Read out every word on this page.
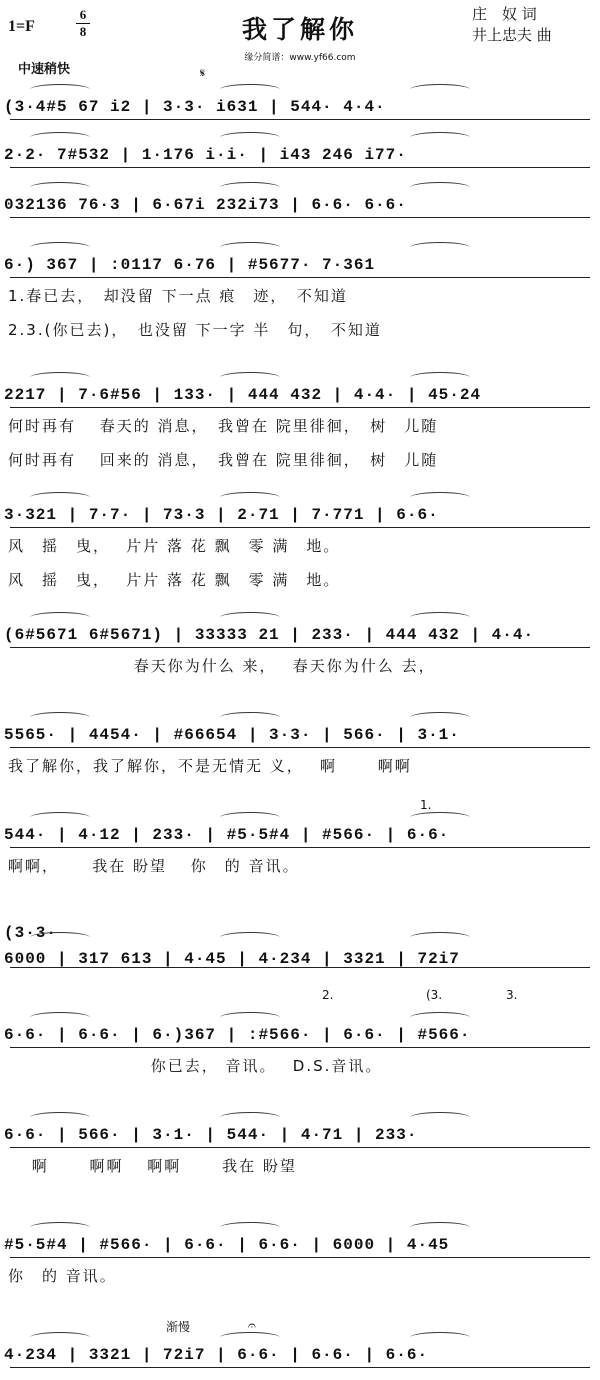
1=F
6
8	我了解你
庄　奴 词
井上忠夫 曲
缘分简谱：www.yf66.com
中速稍快	𝄋
(3·4#5 67 i2 | 3·3· i631 | 544· 4·4·
2·2· 7#532 | 1·176 i·i· | i43 246 i77·
032136 76·3 | 6·67i 232i73 | 6·6· 6·6·
6·) 367 | :0117 6·76 | #5677· 7·361
1.春已去，　却没留 下一点 痕　迹，　不知道
2.3.(你已去)，　也没留 下一字 半　句，　不知道
2217 | 7·6#56 | 133· | 444 432 | 4·4· | 45·24
何时再有　 春天的 消息，　我曾在 院里徘徊，　树　儿随
何时再有　 回来的 消息，　我曾在 院里徘徊，　树　儿随
3·321 | 7·7· | 73·3 | 2·71 | 7·771 | 6·6·
风　摇　曳，　 片片 落 花 飘　零 满　地。
风　摇　曳，　 片片 落 花 飘　零 满　地。
(6#5671 6#5671) | 33333 21 | 233· | 444 432 | 4·4·
　　　　　　　 春天你为什么 来，　 春天你为什么 去，
5565· | 4454· | #66654 | 3·3· | 566· | 3·1·
我了解你，我了解你，不是无情无 义，　 啊　　 啊啊
544· | 4·12 | 233· | #5·5#4 | #566· | 6·6·
啊啊，　　 我在 盼望　 你　的 音讯。
(3·3·
6000 | 317 613 | 4·45 | 4·234 | 3321 | 72i7
6·6· | 6·6· | 6·)367 | :#566· | 6·6· | #566·
　　　　　　　　 你已去， 音讯。　 D.S.音讯。
6·6· | 566· | 3·1· | 544· | 4·71 | 233·
　 啊　　 啊啊　 啊啊　　 我在 盼望
#5·5#4 | #566· | 6·6· | 6·6· | 6000 | 4·45
你　的 音讯。
4·234 | 3321 | 72i7 | 6·6· | 6·6· | 6·6·
1.
2.	(3.	3.
渐慢	𝄐
